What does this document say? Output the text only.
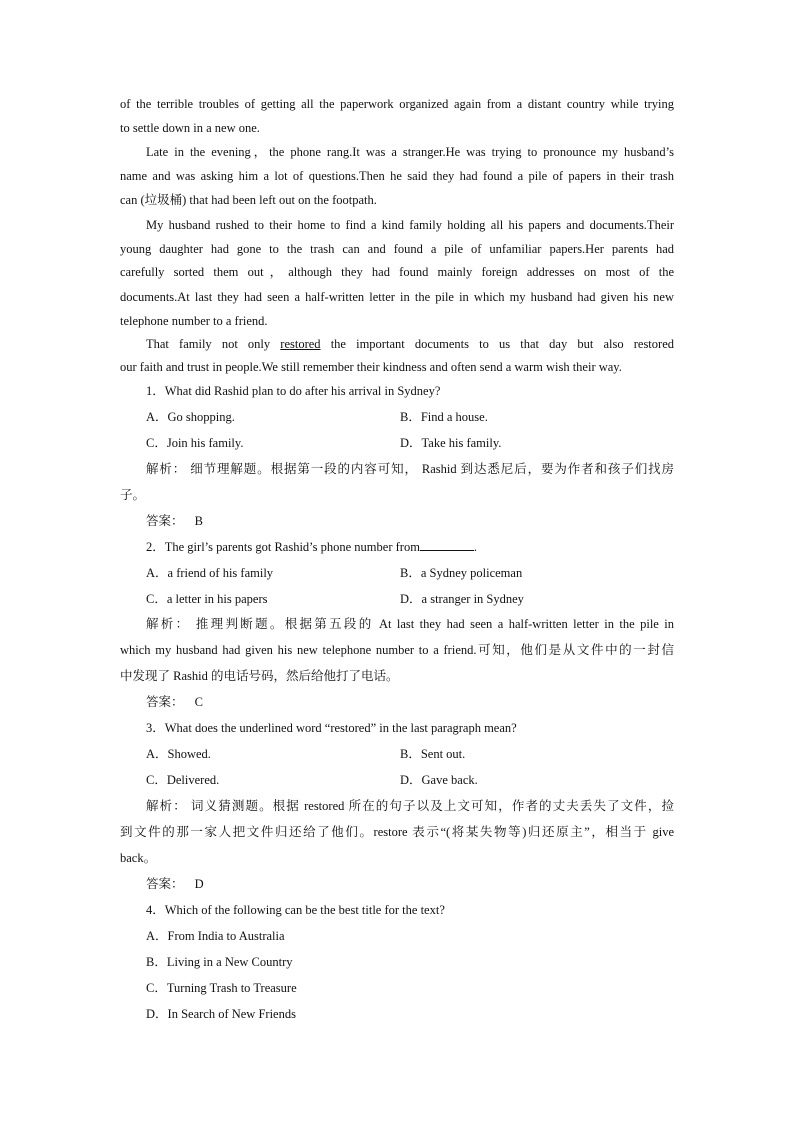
of the terrible troubles of getting all the paperwork organized again from a distant country while trying
to settle down in a new one.
Late in the evening，the phone rang.It was a stranger.He was trying to pronounce my husband’s
name and was asking him a lot of questions.Then he said they had found a pile of papers in their trash
can (垃圾桶) that had been left out on the footpath.
My husband rushed to their home to find a kind family holding all his papers and documents.Their
young daughter had gone to the trash can and found a pile of unfamiliar papers.Her parents had
carefully sorted them out，although they had found mainly foreign addresses on most of the
documents.At last they had seen a half-written letter in the pile in which my husband had given his new
telephone number to a friend.
That family not only restored the important documents to us that day but also restored
our faith and trust in people.We still remember their kindness and often send a warm wish their way.
1．What did Rashid plan to do after his arrival in Sydney?
A．Go shopping.	B．Find a house.
C．Join his family.	D．Take his family.
解析： 细节理解题。根据第一段的内容可知， Rashid 到达悉尼后，要为作者和孩子们找房
子。
答案： B
2．The girl’s parents got Rashid’s phone number from	.
A．a friend of his family	B．a Sydney policeman
C．a letter in his papers	D．a stranger in Sydney
解析： 推理判断题。根据第五段的 At last they had seen a half-written letter in the pile in
which my husband had given his new telephone number to a friend.可知，他们是从文件中的一封信
中发现了 Rashid 的电话号码，然后给他打了电话。
答案： C
3．What does the underlined word “restored” in the last paragraph mean?
A．Showed.	B．Sent out.
C．Delivered.	D．Gave back.
解析： 词义猜测题。根据 restored 所在的句子以及上文可知，作者的丈夫丢失了文件，捡
到文件的那一家人把文件归还给了他们。restore 表示“(将某失物等)归还原主”，相当于 give
back。
答案： D
4．Which of the following can be the best title for the text?
A．From India to Australia
B．Living in a New Country
C．Turning Trash to Treasure
D．In Search of New Friends
